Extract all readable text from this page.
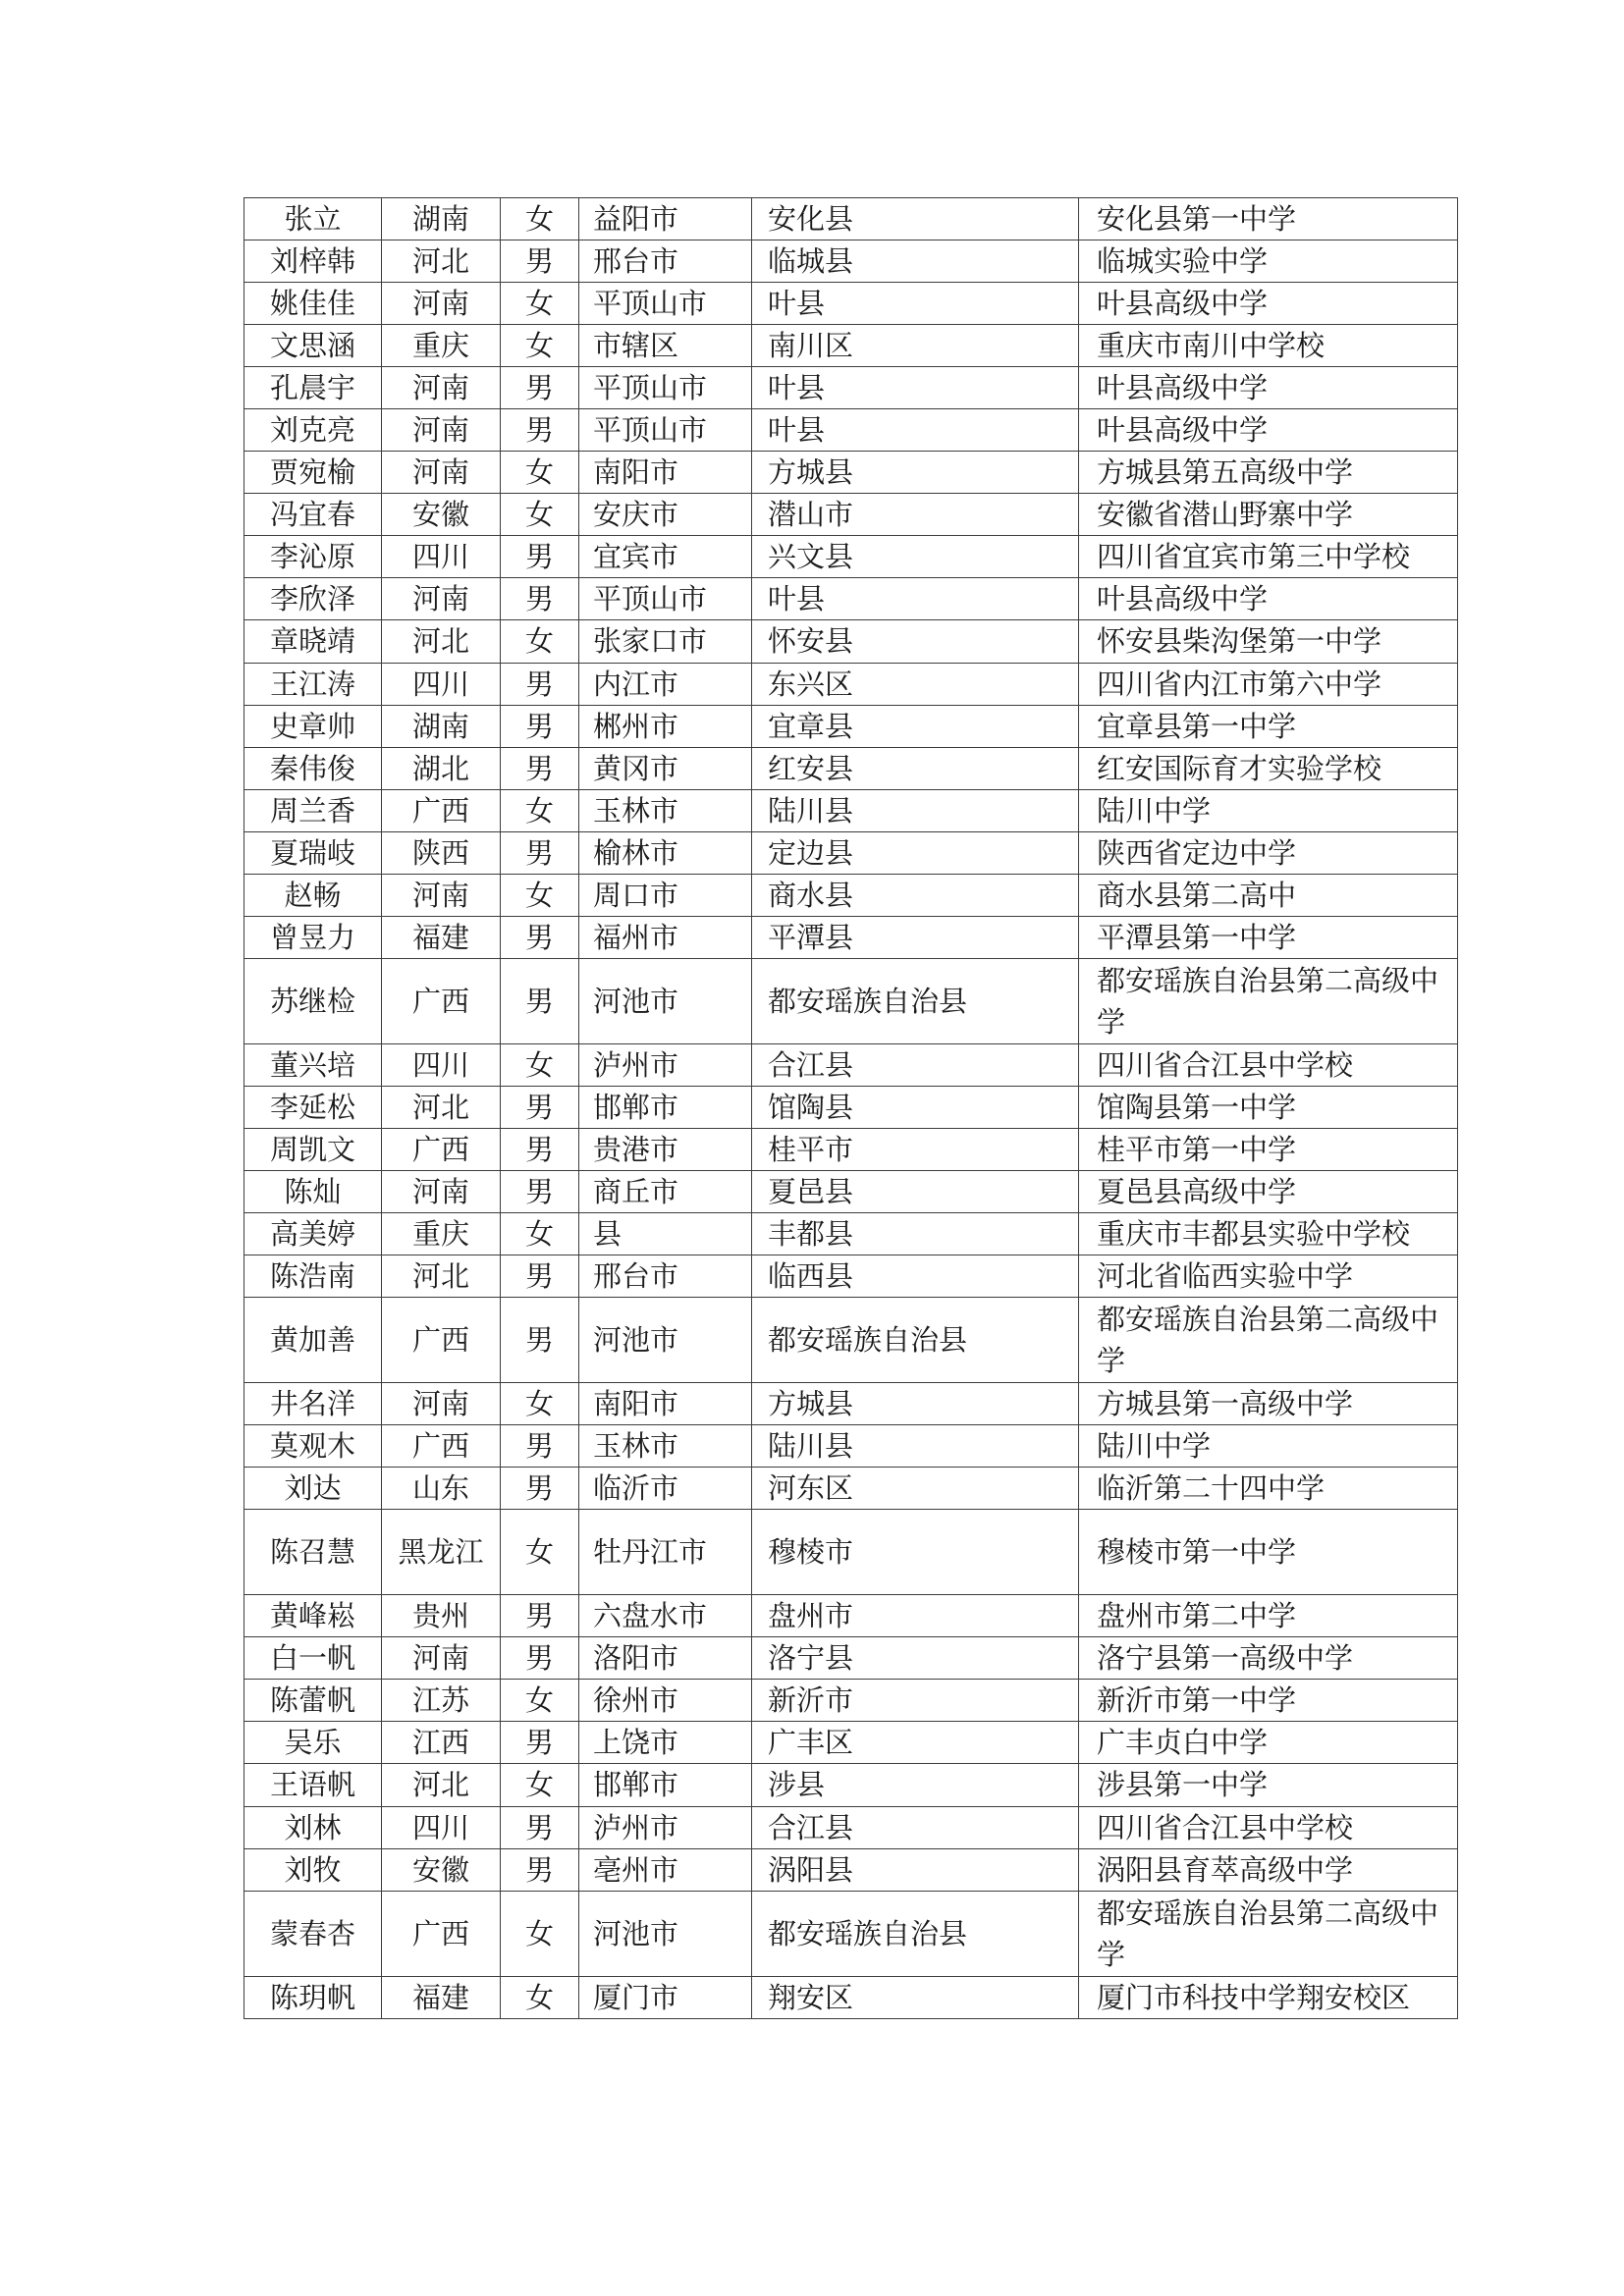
张立	湖南	女	益阳市	安化县	安化县第一中学
刘梓韩	河北	男	邢台市	临城县	临城实验中学
姚佳佳	河南	女	平顶山市	叶县	叶县高级中学
文思涵	重庆	女	市辖区	南川区	重庆市南川中学校
孔晨宇	河南	男	平顶山市	叶县	叶县高级中学
刘克亮	河南	男	平顶山市	叶县	叶县高级中学
贾宛榆	河南	女	南阳市	方城县	方城县第五高级中学
冯宜春	安徽	女	安庆市	潜山市	安徽省潜山野寨中学
李沁原	四川	男	宜宾市	兴文县	四川省宜宾市第三中学校
李欣泽	河南	男	平顶山市	叶县	叶县高级中学
章晓靖	河北	女	张家口市	怀安县	怀安县柴沟堡第一中学
王江涛	四川	男	内江市	东兴区	四川省内江市第六中学
史章帅	湖南	男	郴州市	宜章县	宜章县第一中学
秦伟俊	湖北	男	黄冈市	红安县	红安国际育才实验学校
周兰香	广西	女	玉林市	陆川县	陆川中学
夏瑞岐	陕西	男	榆林市	定边县	陕西省定边中学
赵畅	河南	女	周口市	商水县	商水县第二高中
曾昱力	福建	男	福州市	平潭县	平潭县第一中学
苏继检	广西	男	河池市	都安瑶族自治县	都安瑶族自治县第二高级中学
董兴培	四川	女	泸州市	合江县	四川省合江县中学校
李延松	河北	男	邯郸市	馆陶县	馆陶县第一中学
周凯文	广西	男	贵港市	桂平市	桂平市第一中学
陈灿	河南	男	商丘市	夏邑县	夏邑县高级中学
高美婷	重庆	女	县	丰都县	重庆市丰都县实验中学校
陈浩南	河北	男	邢台市	临西县	河北省临西实验中学
黄加善	广西	男	河池市	都安瑶族自治县	都安瑶族自治县第二高级中学
井名洋	河南	女	南阳市	方城县	方城县第一高级中学
莫观木	广西	男	玉林市	陆川县	陆川中学
刘达	山东	男	临沂市	河东区	临沂第二十四中学
陈召慧	黑龙江	女	牡丹江市	穆棱市	穆棱市第一中学
黄峰崧	贵州	男	六盘水市	盘州市	盘州市第二中学
白一帆	河南	男	洛阳市	洛宁县	洛宁县第一高级中学
陈蕾帆	江苏	女	徐州市	新沂市	新沂市第一中学
吴乐	江西	男	上饶市	广丰区	广丰贞白中学
王语帆	河北	女	邯郸市	涉县	涉县第一中学
刘林	四川	男	泸州市	合江县	四川省合江县中学校
刘牧	安徽	男	亳州市	涡阳县	涡阳县育萃高级中学
蒙春杏	广西	女	河池市	都安瑶族自治县	都安瑶族自治县第二高级中学
陈玥帆	福建	女	厦门市	翔安区	厦门市科技中学翔安校区
